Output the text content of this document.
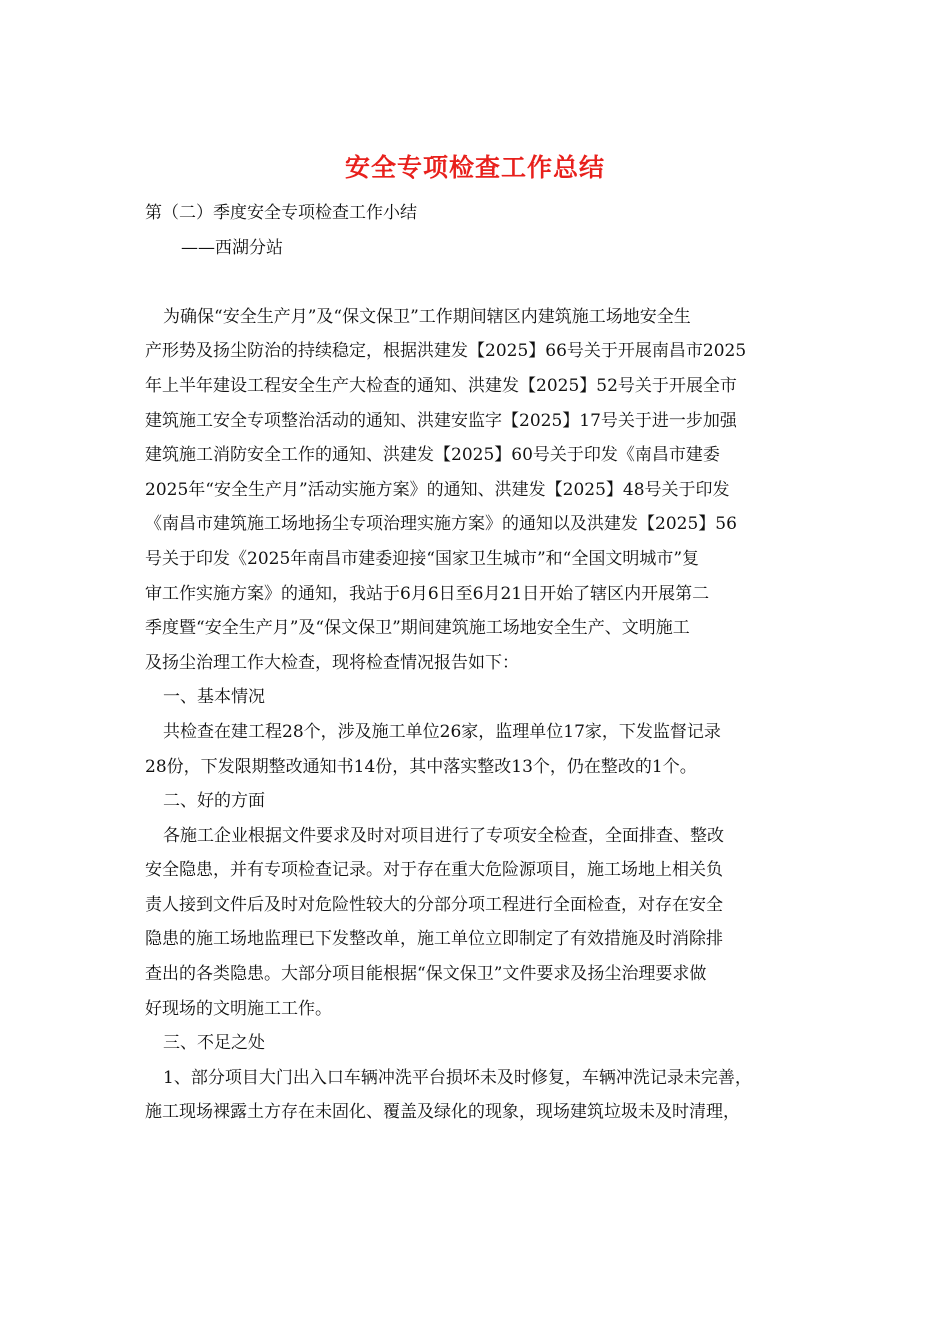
安全专项检查工作总结
第（二）季度安全专项检查工作小结
——西湖分站
为确保“安全生产月”及“保文保卫”工作期间辖区内建筑施工场地安全生
产形势及扬尘防治的持续稳定，根据洪建发【2025】66号关于开展南昌市2025
年上半年建设工程安全生产大检查的通知、洪建发【2025】52号关于开展全市
建筑施工安全专项整治活动的通知、洪建安监字【2025】17号关于进一步加强
建筑施工消防安全工作的通知、洪建发【2025】60号关于印发《南昌市建委
2025年“安全生产月”活动实施方案》的通知、洪建发【2025】48号关于印发
《南昌市建筑施工场地扬尘专项治理实施方案》的通知以及洪建发【2025】56
号关于印发《2025年南昌市建委迎接“国家卫生城市”和“全国文明城市”复
审工作实施方案》的通知，我站于6月6日至6月21日开始了辖区内开展第二
季度暨“安全生产月”及“保文保卫”期间建筑施工场地安全生产、文明施工
及扬尘治理工作大检查，现将检查情况报告如下：
一、基本情况
共检查在建工程28个，涉及施工单位26家，监理单位17家，下发监督记录
28份，下发限期整改通知书14份，其中落实整改13个，仍在整改的1个。
二、好的方面
各施工企业根据文件要求及时对项目进行了专项安全检查，全面排查、整改
安全隐患，并有专项检查记录。对于存在重大危险源项目，施工场地上相关负
责人接到文件后及时对危险性较大的分部分项工程进行全面检查，对存在安全
隐患的施工场地监理已下发整改单，施工单位立即制定了有效措施及时消除排
查出的各类隐患。大部分项目能根据“保文保卫”文件要求及扬尘治理要求做
好现场的文明施工工作。
三、不足之处
1、部分项目大门出入口车辆冲洗平台损坏未及时修复，车辆冲洗记录未完善，
施工现场裸露土方存在未固化、覆盖及绿化的现象，现场建筑垃圾未及时清理，
